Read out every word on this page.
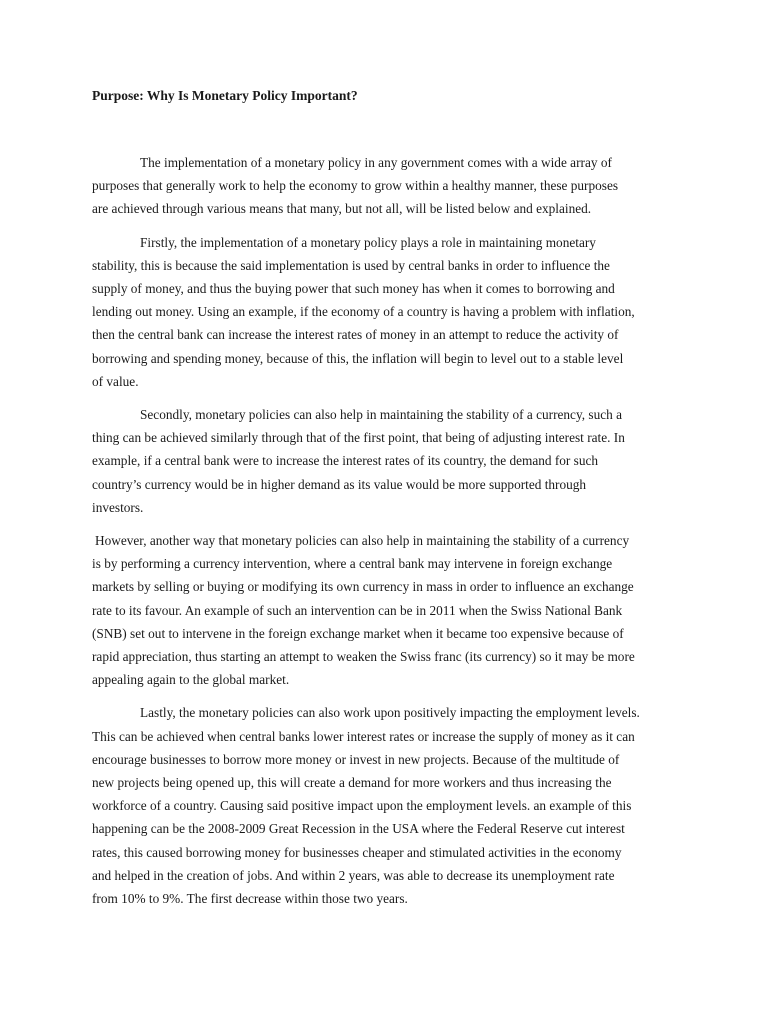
Purpose: Why Is Monetary Policy Important?

The implementation of a monetary policy in any government comes with a wide array of
purposes that generally work to help the economy to grow within a healthy manner, these purposes
are achieved through various means that many, but not all, will be listed below and explained.

Firstly, the implementation of a monetary policy plays a role in maintaining monetary
stability, this is because the said implementation is used by central banks in order to influence the
supply of money, and thus the buying power that such money has when it comes to borrowing and
lending out money. Using an example, if the economy of a country is having a problem with inflation,
then the central bank can increase the interest rates of money in an attempt to reduce the activity of
borrowing and spending money, because of this, the inflation will begin to level out to a stable level
of value.

Secondly, monetary policies can also help in maintaining the stability of a currency, such a
thing can be achieved similarly through that of the first point, that being of adjusting interest rate. In
example, if a central bank were to increase the interest rates of its country, the demand for such
country’s currency would be in higher demand as its value would be more supported through
investors.

However, another way that monetary policies can also help in maintaining the stability of a currency
is by performing a currency intervention, where a central bank may intervene in foreign exchange
markets by selling or buying or modifying its own currency in mass in order to influence an exchange
rate to its favour. An example of such an intervention can be in 2011 when the Swiss National Bank
(SNB) set out to intervene in the foreign exchange market when it became too expensive because of
rapid appreciation, thus starting an attempt to weaken the Swiss franc (its currency) so it may be more
appealing again to the global market.

Lastly, the monetary policies can also work upon positively impacting the employment levels.
This can be achieved when central banks lower interest rates or increase the supply of money as it can
encourage businesses to borrow more money or invest in new projects. Because of the multitude of
new projects being opened up, this will create a demand for more workers and thus increasing the
workforce of a country. Causing said positive impact upon the employment levels. an example of this
happening can be the 2008-2009 Great Recession in the USA where the Federal Reserve cut interest
rates, this caused borrowing money for businesses cheaper and stimulated activities in the economy
and helped in the creation of jobs. And within 2 years, was able to decrease its unemployment rate
from 10% to 9%. The first decrease within those two years.
